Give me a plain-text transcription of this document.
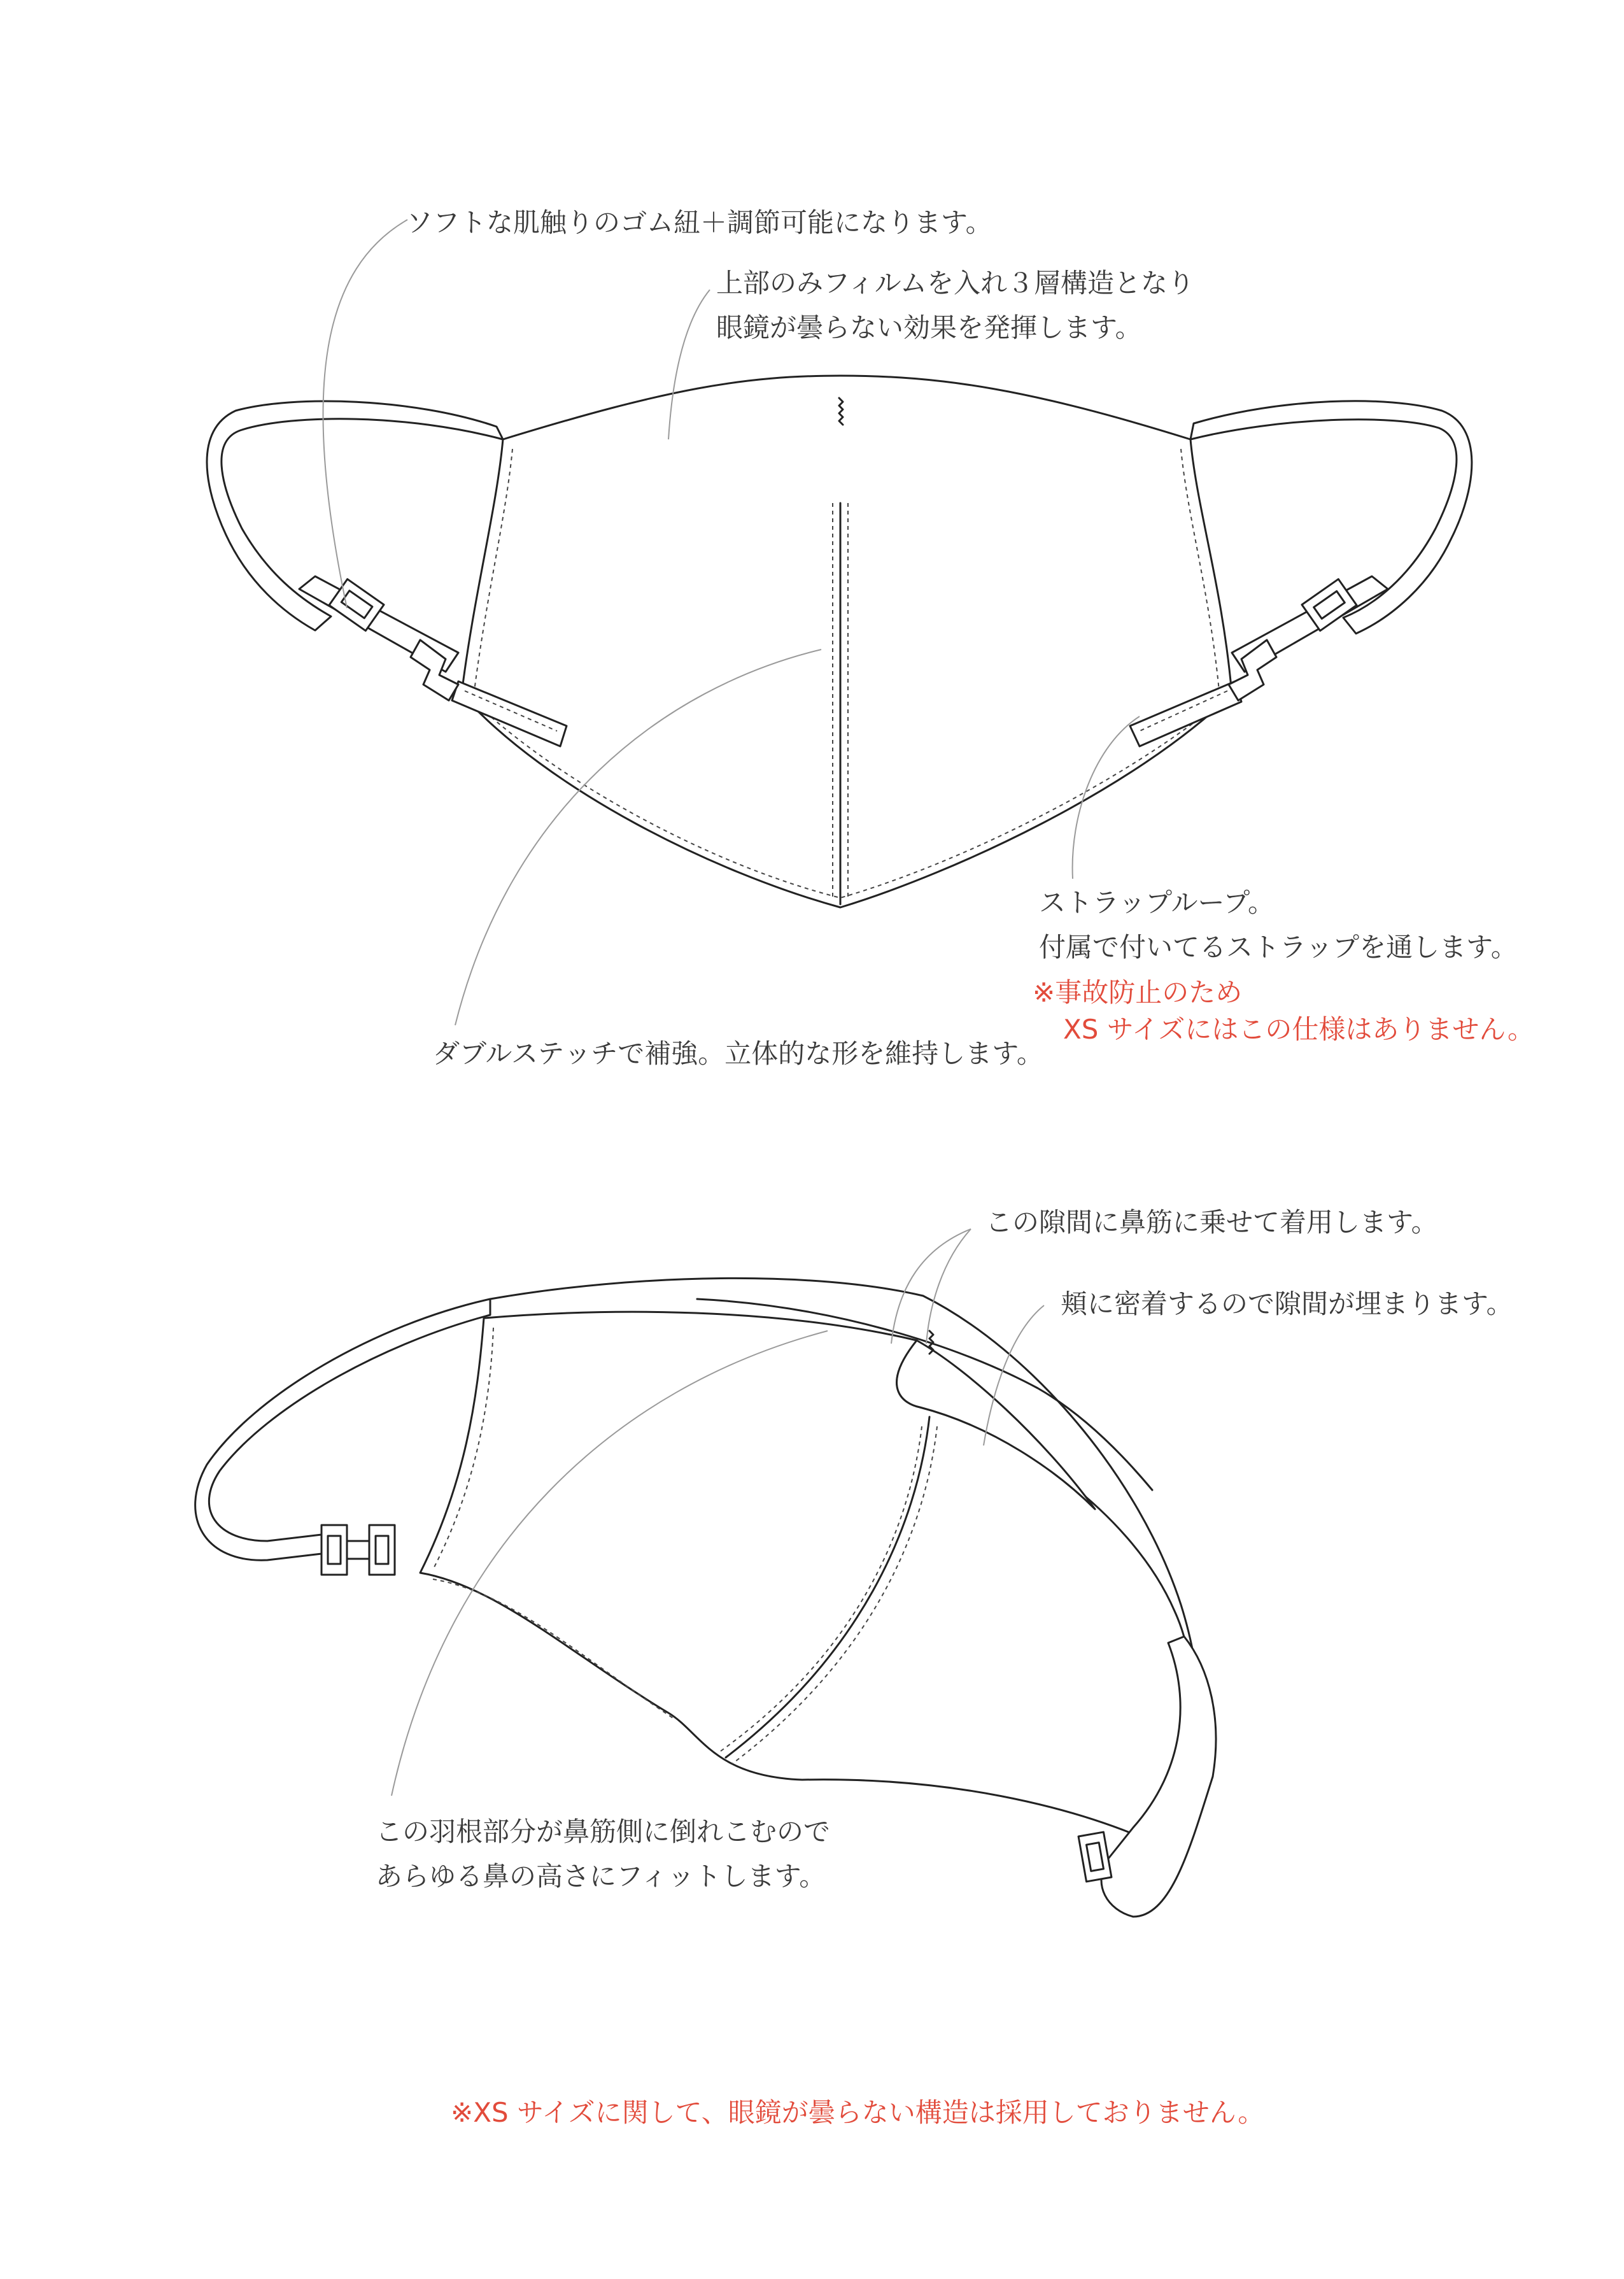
ソフトな肌触りのゴム紐＋調節可能になります。

上部のみフィルムを入れ３層構造となり
眼鏡が曇らない効果を発揮します。

ストラップループ。
付属で付いてるストラップを通します。

※事故防止のため
XS サイズにはこの仕様はありません。

ダブルステッチで補強。立体的な形を維持します。

この隙間に鼻筋に乗せて着用します。

頬に密着するので隙間が埋まります。

この羽根部分が鼻筋側に倒れこむので
あらゆる鼻の高さにフィットします。

※XS サイズに関して、眼鏡が曇らない構造は採用しておりません。
